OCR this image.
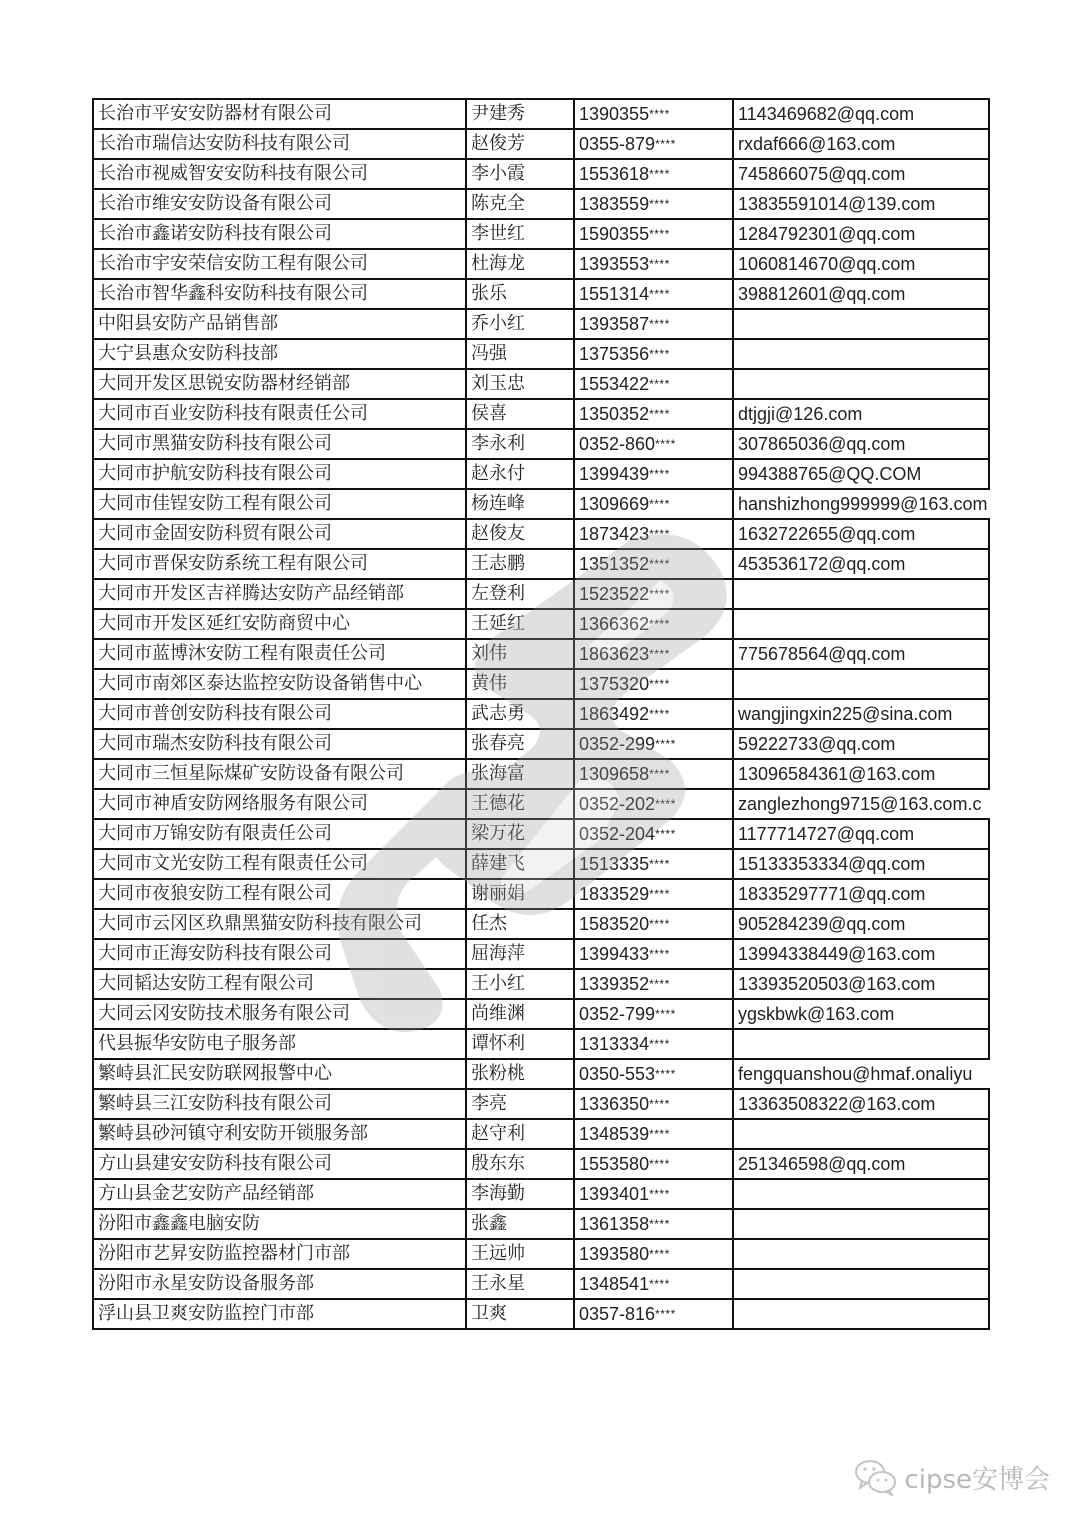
长治市平安安防器材有限公司	尹建秀	1390355****	1143469682@qq.com
长治市瑞信达安防科技有限公司	赵俊芳	0355-879****	rxdaf666@163.com
长治市视威智安安防科技有限公司	李小霞	1553618****	745866075@qq.com
长治市维安安防设备有限公司	陈克全	1383559****	13835591014@139.com
长治市鑫诺安防科技有限公司	李世红	1590355****	1284792301@qq.com
长治市宇安荣信安防工程有限公司	杜海龙	1393553****	1060814670@qq.com
长治市智华鑫科安防科技有限公司	张乐	1551314****	398812601@qq.com
中阳县安防产品销售部	乔小红	1393587****	
大宁县惠众安防科技部	冯强	1375356****	
大同开发区思锐安防器材经销部	刘玉忠	1553422****	
大同市百业安防科技有限责任公司	侯喜	1350352****	dtjgji@126.com
大同市黑猫安防科技有限公司	李永利	0352-860****	307865036@qq.com
大同市护航安防科技有限公司	赵永付	1399439****	994388765@QQ.COM
大同市佳锃安防工程有限公司	杨连峰	1309669****	hanshizhong999999@163.com
大同市金固安防科贸有限公司	赵俊友	1873423****	1632722655@qq.com
大同市晋保安防系统工程有限公司	王志鹏	1351352****	453536172@qq.com
大同市开发区吉祥腾达安防产品经销部	左登利	1523522****	
大同市开发区延红安防商贸中心	王延红	1366362****	
大同市蓝博沐安防工程有限责任公司	刘伟	1863623****	775678564@qq.com
大同市南郊区泰达监控安防设备销售中心	黄伟	1375320****	
大同市普创安防科技有限公司	武志勇	1863492****	wangjingxin225@sina.com
大同市瑞杰安防科技有限公司	张春亮	0352-299****	59222733@qq.com
大同市三恒星际煤矿安防设备有限公司	张海富	1309658****	13096584361@163.com
大同市神盾安防网络服务有限公司	王德花	0352-202****	zanglezhong9715@163.com.c
大同市万锦安防有限责任公司	梁万花	0352-204****	1177714727@qq.com
大同市文光安防工程有限责任公司	薛建飞	1513335****	15133353334@qq.com
大同市夜狼安防工程有限公司	谢丽娟	1833529****	18335297771@qq.com
大同市云冈区玖鼎黑猫安防科技有限公司	任杰	1583520****	905284239@qq.com
大同市正海安防科技有限公司	屈海萍	1399433****	13994338449@163.com
大同韬达安防工程有限公司	王小红	1339352****	13393520503@163.com
大同云冈安防技术服务有限公司	尚维渊	0352-799****	ygskbwk@163.com
代县振华安防电子服务部	谭怀利	1313334****	
繁峙县汇民安防联网报警中心	张粉桃	0350-553****	fengquanshou@hmaf.onaliyu
繁峙县三江安防科技有限公司	李亮	1336350****	13363508322@163.com
繁峙县砂河镇守利安防开锁服务部	赵守利	1348539****	
方山县建安安防科技有限公司	殷东东	1553580****	251346598@qq.com
方山县金艺安防产品经销部	李海勤	1393401****	
汾阳市鑫鑫电脑安防	张鑫	1361358****	
汾阳市艺昇安防监控器材门市部	王远帅	1393580****	
汾阳市永星安防设备服务部	王永星	1348541****	
浮山县卫爽安防监控门市部	卫爽	0357-816****	
cipse安博会
